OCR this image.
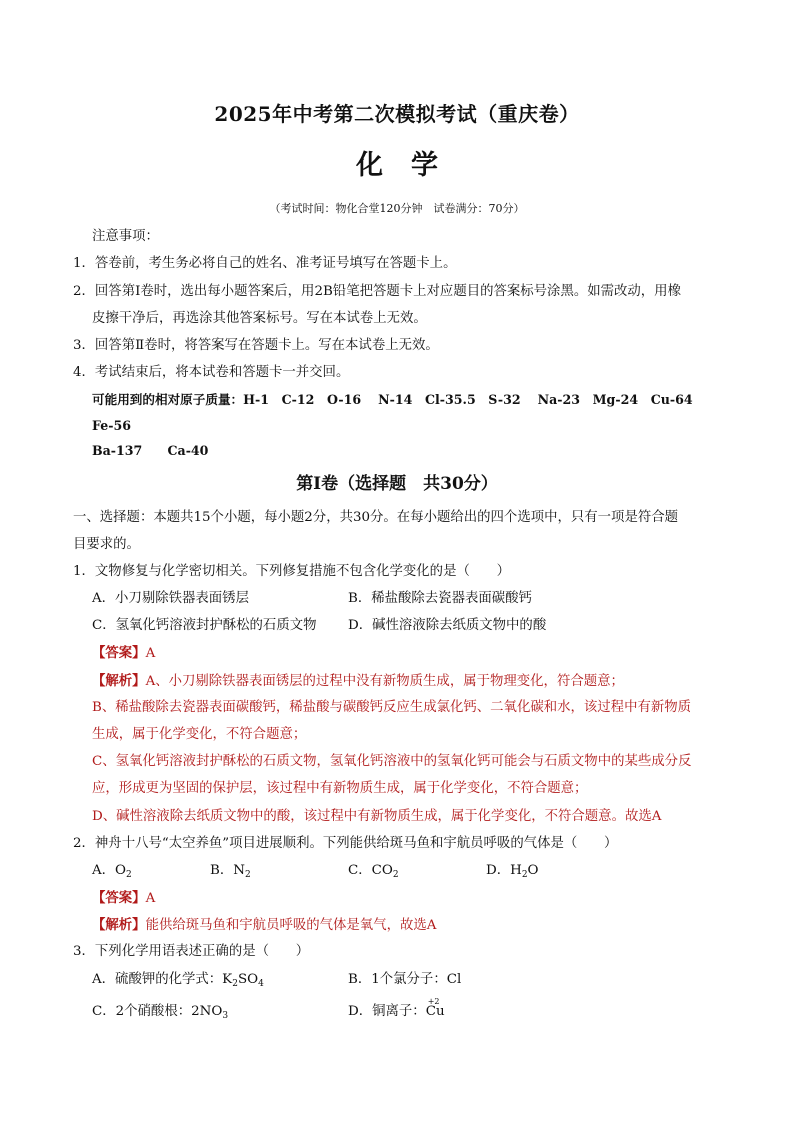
2025年中考第二次模拟考试（重庆卷）
化学
（考试时间：物化合堂120分钟　试卷满分：70分）
注意事项：
1．答卷前，考生务必将自己的姓名、准考证号填写在答题卡上。
2．回答第Ⅰ卷时，选出每小题答案后，用2B铅笔把答题卡上对应题目的答案标号涂黑。如需改动，用橡
皮擦干净后，再选涂其他答案标号。写在本试卷上无效。
3．回答第Ⅱ卷时，将答案写在答题卡上。写在本试卷上无效。
4．考试结束后，将本试卷和答题卡一并交回。
可能用到的相对原子质量：H-1　C-12　O-16　 N-14　Cl-35.5　S-32　 Na-23　Mg-24　Cu-64
Fe-56
Ba-137　　Ca-40
第Ⅰ卷（选择题　共30分）
一、选择题：本题共15个小题，每小题2分，共30分。在每小题给出的四个选项中，只有一项是符合题
目要求的。
1．文物修复与化学密切相关。下列修复措施不包含化学变化的是（　　）
A．小刀剔除铁器表面锈层	B．稀盐酸除去瓷器表面碳酸钙
C．氢氧化钙溶液封护酥松的石质文物 D．碱性溶液除去纸质文物中的酸
【答案】A
【解析】A、小刀剔除铁器表面锈层的过程中没有新物质生成，属于物理变化，符合题意；
B、稀盐酸除去瓷器表面碳酸钙，稀盐酸与碳酸钙反应生成氯化钙、二氧化碳和水，该过程中有新物质
生成，属于化学变化，不符合题意；
C、氢氧化钙溶液封护酥松的石质文物，氢氧化钙溶液中的氢氧化钙可能会与石质文物中的某些成分反
应，形成更为坚固的保护层，该过程中有新物质生成，属于化学变化，不符合题意；
D、碱性溶液除去纸质文物中的酸，该过程中有新物质生成，属于化学变化，不符合题意。故选A
2．神舟十八号“太空养鱼”项目进展顺利。下列能供给斑马鱼和宇航员呼吸的气体是（　　）
A．$O_2$	B．$N_2$	C．$CO_2$	D．$H_2O$
【答案】A
【解析】能供给斑马鱼和宇航员呼吸的气体是氧气，故选A
3．下列化学用语表述正确的是（　　）
A．硫酸钾的化学式：$K_2SO_4$	B．1个氯分子：Cl
C．2个硝酸根：$2NO_3$	D．铜离子：
+2
Cu
